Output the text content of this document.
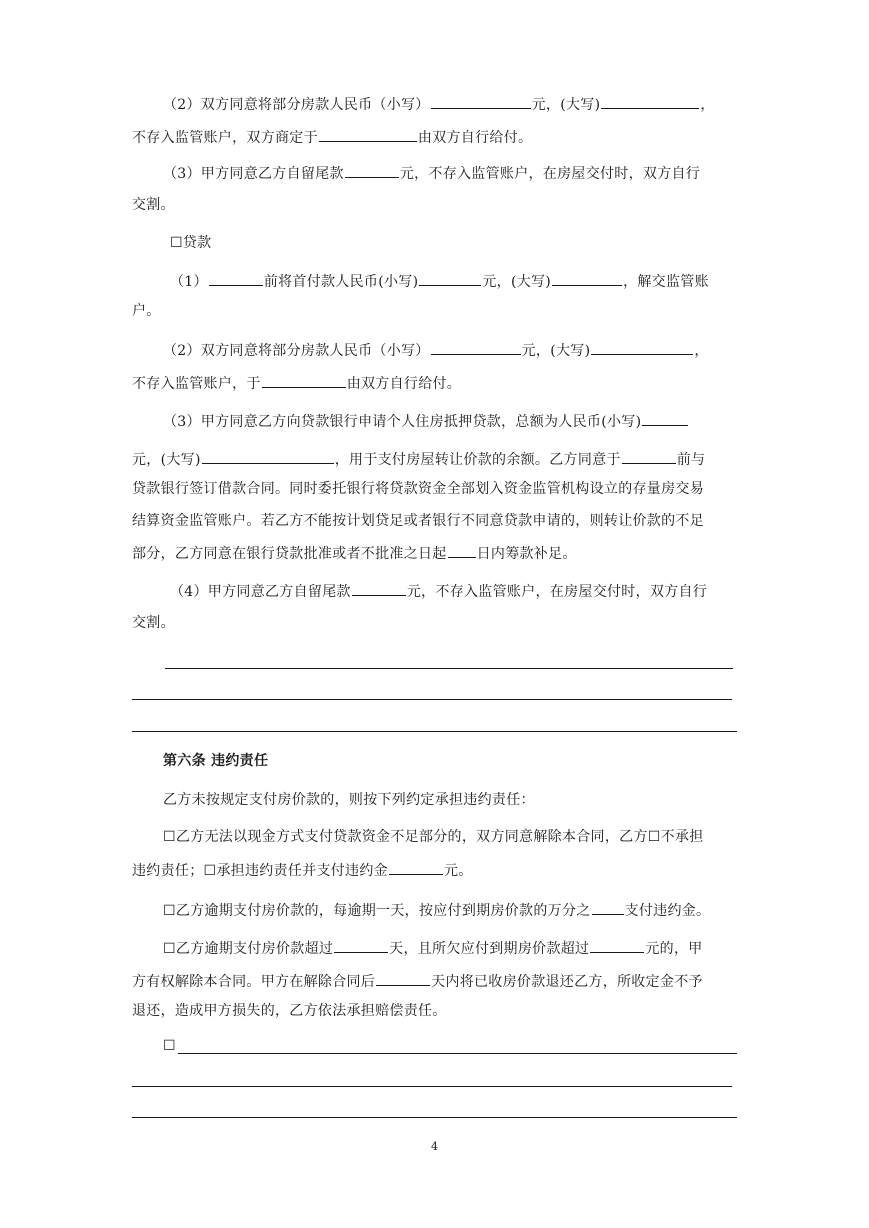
（2）双方同意将部分房款人民币（小写）	元，(大写)	，
不存入监管账户，双方商定于	由双方自行给付。
（3）甲方同意乙方自留尾款	元，不存入监管账户，在房屋交付时，双方自行
交割。
☐贷款
（1）	前将首付款人民币(小写)	元，(大写)	，解交监管账
户。
（2）双方同意将部分房款人民币（小写）	元，(大写)	，
不存入监管账户，于	由双方自行给付。
（3）甲方同意乙方向贷款银行申请个人住房抵押贷款，总额为人民币(小写)
元，(大写)	，用于支付房屋转让价款的余额。乙方同意于	前与
贷款银行签订借款合同。同时委托银行将贷款资金全部划入资金监管机构设立的存量房交易
结算资金监管账户。若乙方不能按计划贷足或者银行不同意贷款申请的，则转让价款的不足
部分，乙方同意在银行贷款批准或者不批准之日起 日内筹款补足。
（4）甲方同意乙方自留尾款	元，不存入监管账户，在房屋交付时，双方自行
交割。
第六条 违约责任
乙方未按规定支付房价款的，则按下列约定承担违约责任：
☐乙方无法以现金方式支付贷款资金不足部分的，双方同意解除本合同，乙方☐不承担
违约责任；☐承担违约责任并支付违约金	元。
☐乙方逾期支付房价款的，每逾期一天，按应付到期房价款的万分之 支付违约金。
☐乙方逾期支付房价款超过	天，且所欠应付到期房价款超过	元的，甲
方有权解除本合同。甲方在解除合同后	天内将已收房价款退还乙方，所收定金不予
退还，造成甲方损失的，乙方依法承担赔偿责任。
☐
4
